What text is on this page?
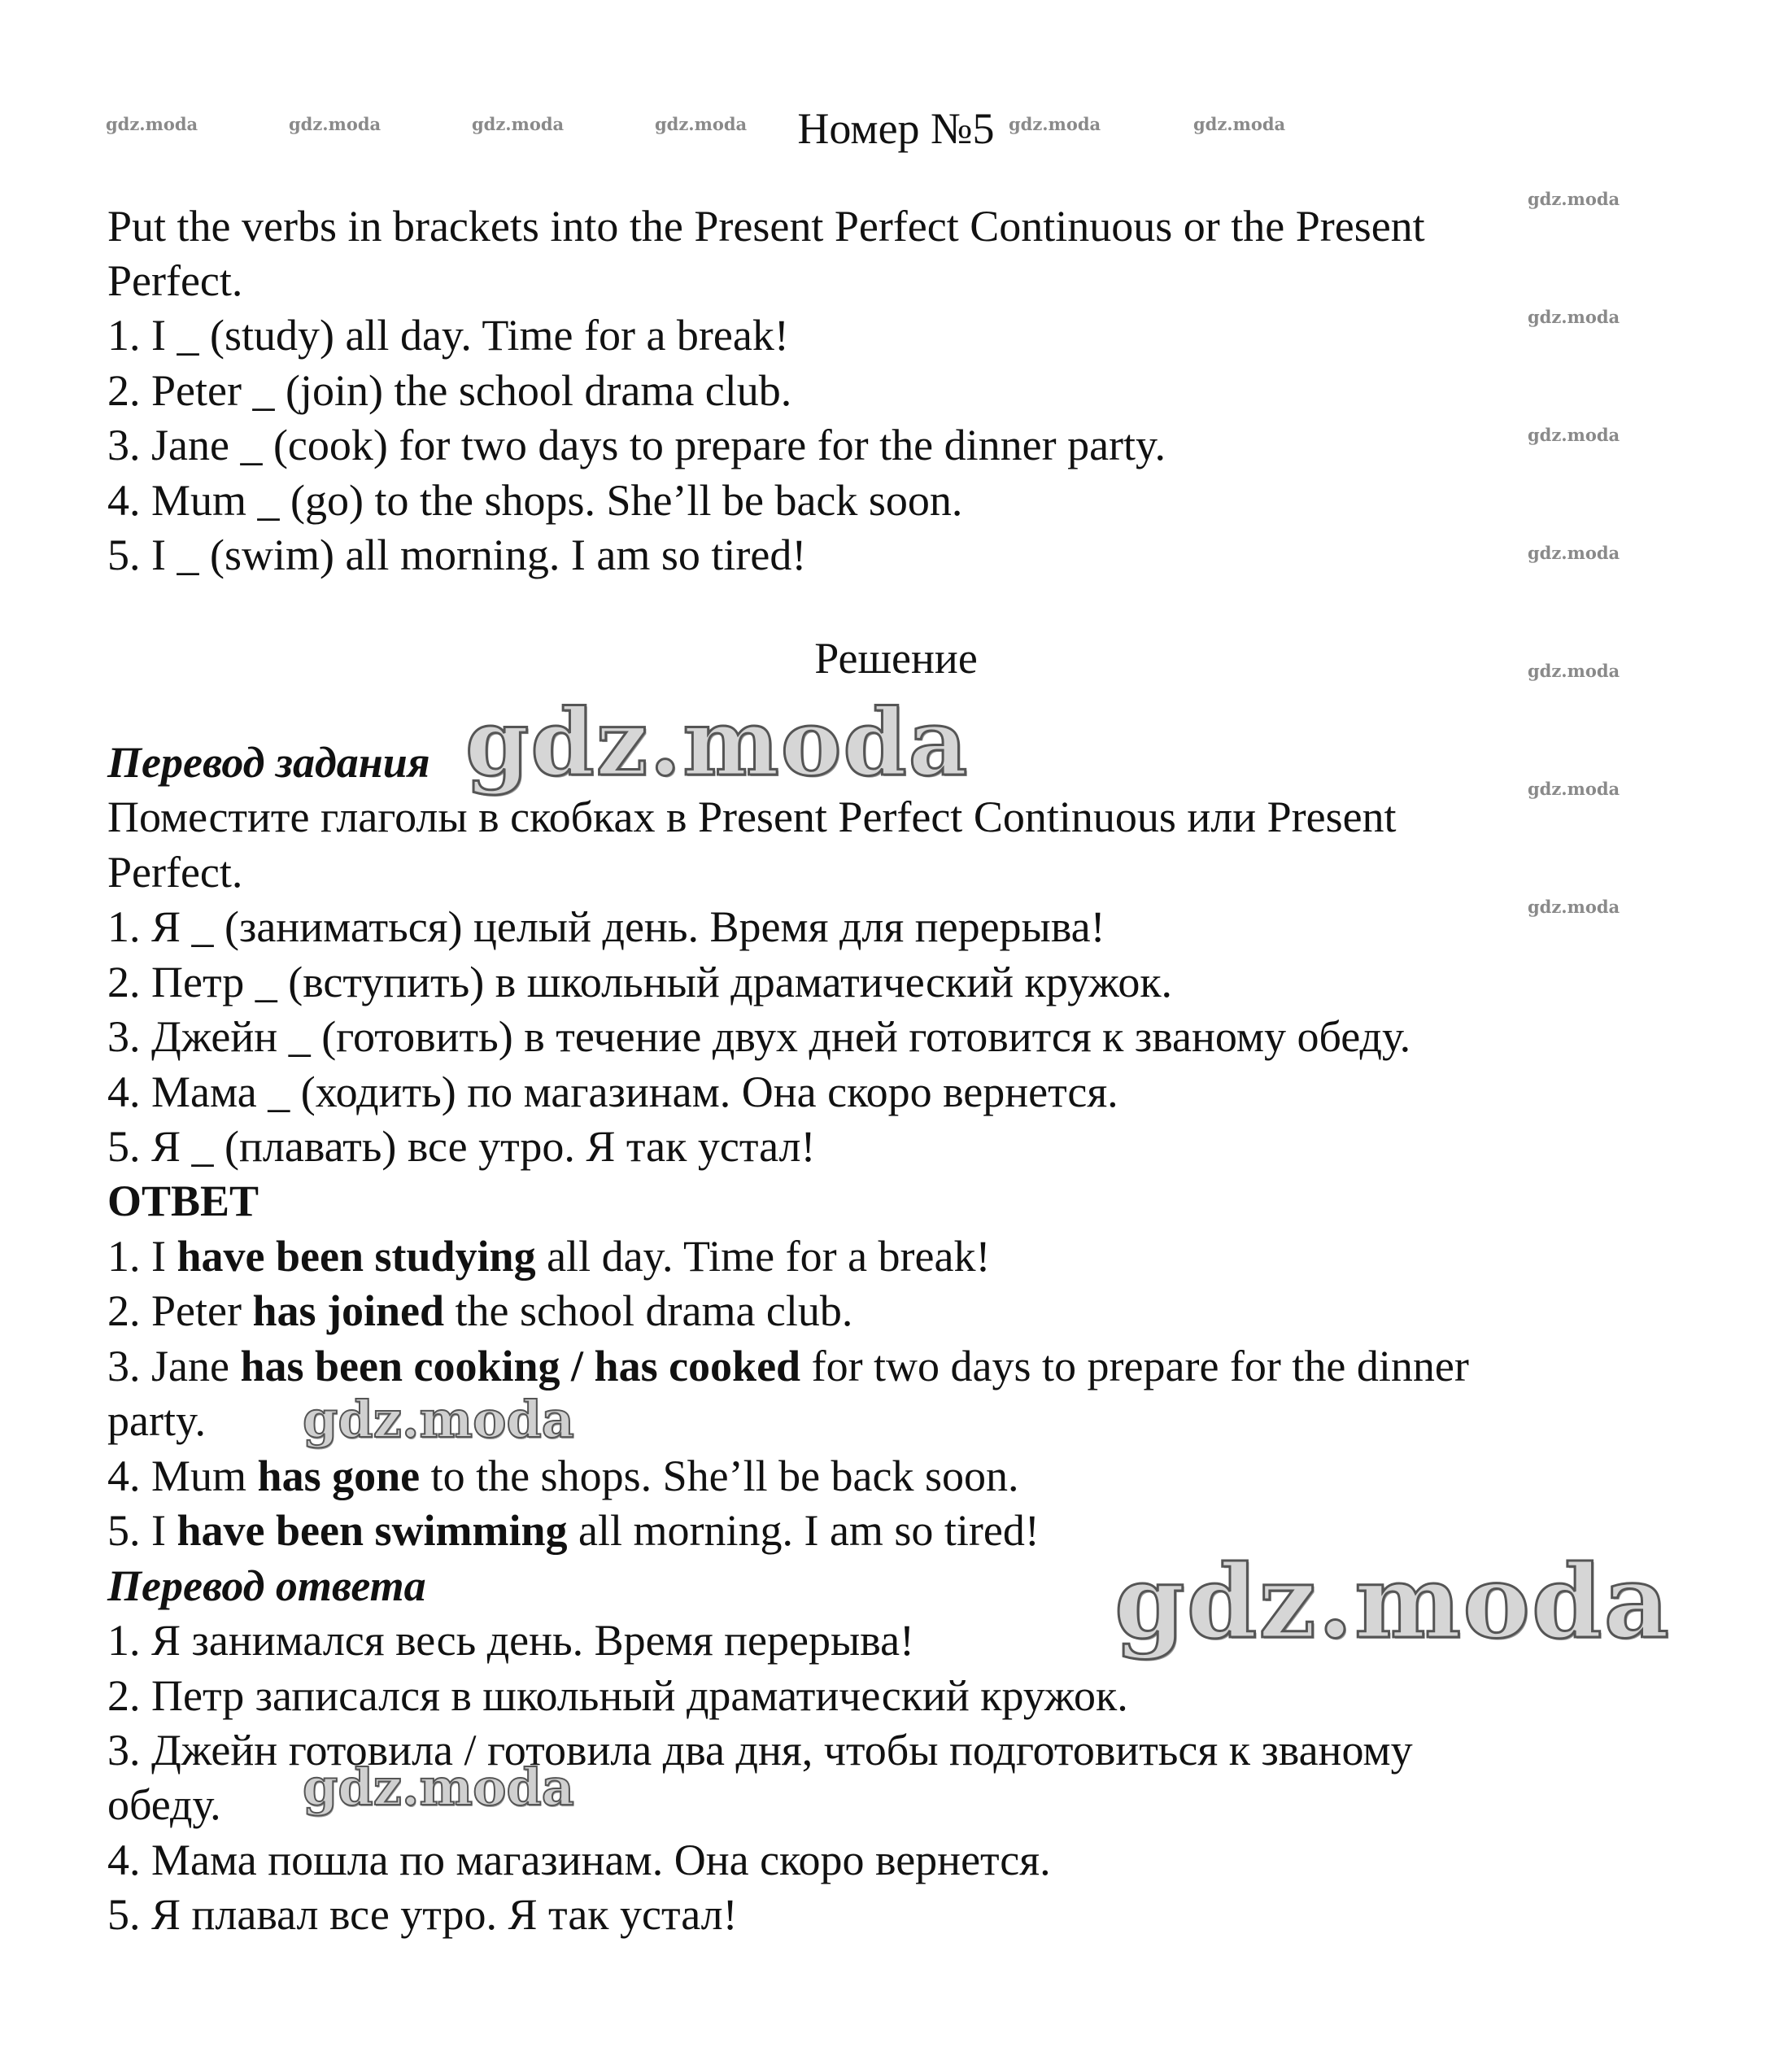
gdz.moda	gdz.moda	gdz.moda	gdz.moda	gdz.moda	gdz.moda
gdz.moda
gdz.moda
gdz.moda
gdz.moda
gdz.moda
gdz.moda
gdz.moda

Номер №5

Put the verbs in brackets into the Present Perfect Continuous or the Present

Perfect.

1. I _ (study) all day. Time for a break!

2. Peter _ (join) the school drama club.

3. Jane _ (cook) for two days to prepare for the dinner party.

4. Mum _ (go) to the shops. She’ll be back soon.

5. I _ (swim) all morning. I am so tired!

Решение

Перевод задания gdz.moda

Поместите глаголы в скобках в Present Perfect Continuous или Present

Perfect.

1. Я _ (заниматься) целый день. Время для перерыва!

2. Петр _ (вступить) в школьный драматический кружок.

3. Джейн _ (готовить) в течение двух дней готовится к званому обеду.

4. Мама _ (ходить) по магазинам. Она скоро вернется.

5. Я _ (плавать) все утро. Я так устал!

ОТВЕТ

1. I have been studying all day. Time for a break!

2. Peter has joined the school drama club.

3. Jane has been cooking / has cooked for two days to prepare for the dinner

party. gdz.moda

4. Mum has gone to the shops. She’ll be back soon.

5. I have been swimming all morning. I am so tired!

Перевод ответа	gdz.moda

1. Я занимался весь день. Время перерыва!

2. Петр записался в школьный драматический кружок.

3. Джейн готовила / готовила два дня, чтобы подготовиться к званому

обеду. gdz.moda

4. Мама пошла по магазинам. Она скоро вернется.

5. Я плавал все утро. Я так устал!
